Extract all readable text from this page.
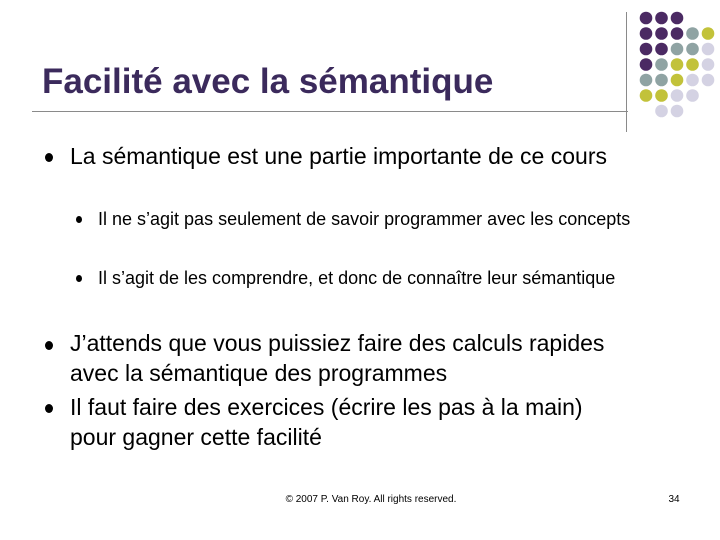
Facilité avec la sémantique
La sémantique est une partie importante de ce cours
Il ne s’agit pas seulement de savoir programmer avec les concepts
Il s’agit de les comprendre, et donc de connaître leur sémantique
J’attends que vous puissiez faire des calculs rapides avec la sémantique des programmes
Il faut faire des exercices (écrire les pas à la main) pour gagner cette facilité
© 2007 P. Van Roy. All rights reserved.	34
